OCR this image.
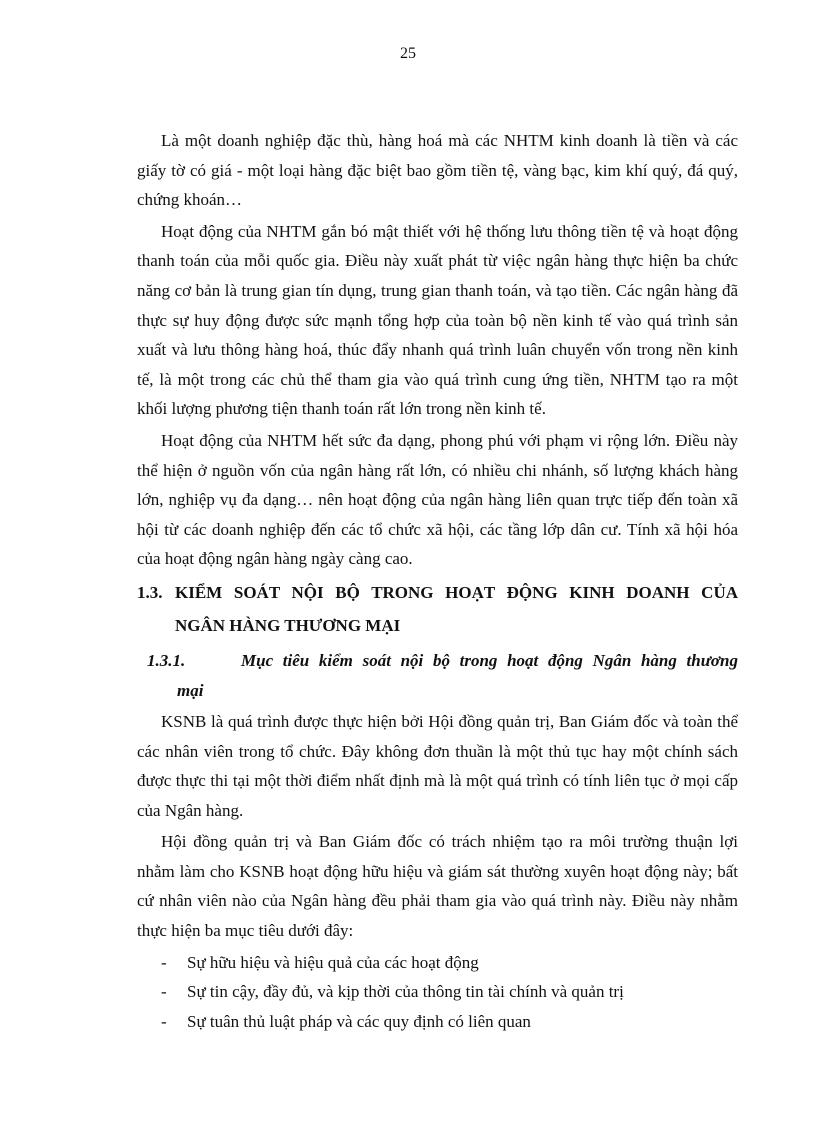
25

Là một doanh nghiệp đặc thù, hàng hoá mà các NHTM kinh doanh là tiền và các giấy tờ có giá - một loại hàng đặc biệt bao gồm tiền tệ, vàng bạc, kim khí quý, đá quý, chứng khoán…

Hoạt động của NHTM gắn bó mật thiết với hệ thống lưu thông tiền tệ và hoạt động thanh toán của mỗi quốc gia. Điều này xuất phát từ việc ngân hàng thực hiện ba chức năng cơ bản là trung gian tín dụng, trung gian thanh toán, và tạo tiền. Các ngân hàng đã thực sự huy động được sức mạnh tổng hợp của toàn bộ nền kinh tế vào quá trình sản xuất và lưu thông hàng hoá, thúc đẩy nhanh quá trình luân chuyển vốn trong nền kinh tế, là một trong các chủ thể tham gia vào quá trình cung ứng tiền, NHTM tạo ra một khối lượng phương tiện thanh toán rất lớn trong nền kinh tế.

Hoạt động của NHTM hết sức đa dạng, phong phú với phạm vi rộng lớn. Điều này thể hiện ở nguồn vốn của ngân hàng rất lớn, có nhiều chi nhánh, số lượng khách hàng lớn, nghiệp vụ đa dạng… nên hoạt động của ngân hàng liên quan trực tiếp đến toàn xã hội từ các doanh nghiệp đến các tổ chức xã hội, các tầng lớp dân cư. Tính xã hội hóa của hoạt động ngân hàng ngày càng cao.

1.3. KIỂM SOÁT NỘI BỘ TRONG HOẠT ĐỘNG KINH DOANH CỦA
NGÂN HÀNG THƯƠNG MẠI
1.3.1.	Mục tiêu kiểm soát nội bộ trong hoạt động Ngân hàng thương
mại

KSNB là quá trình được thực hiện bởi Hội đồng quản trị, Ban Giám đốc và toàn thể các nhân viên trong tổ chức. Đây không đơn thuần là một thủ tục hay một chính sách được thực thi tại một thời điểm nhất định mà là một quá trình có tính liên tục ở mọi cấp của Ngân hàng.

Hội đồng quản trị và Ban Giám đốc có trách nhiệm tạo ra môi trường thuận lợi nhằm làm cho KSNB hoạt động hữu hiệu và giám sát thường xuyên hoạt động này; bất cứ nhân viên nào của Ngân hàng đều phải tham gia vào quá trình này. Điều này nhằm thực hiện ba mục tiêu dưới đây:

-	Sự hữu hiệu và hiệu quả của các hoạt động
-	Sự tin cậy, đầy đủ, và kịp thời của thông tin tài chính và quản trị
-	Sự tuân thủ luật pháp và các quy định có liên quan
